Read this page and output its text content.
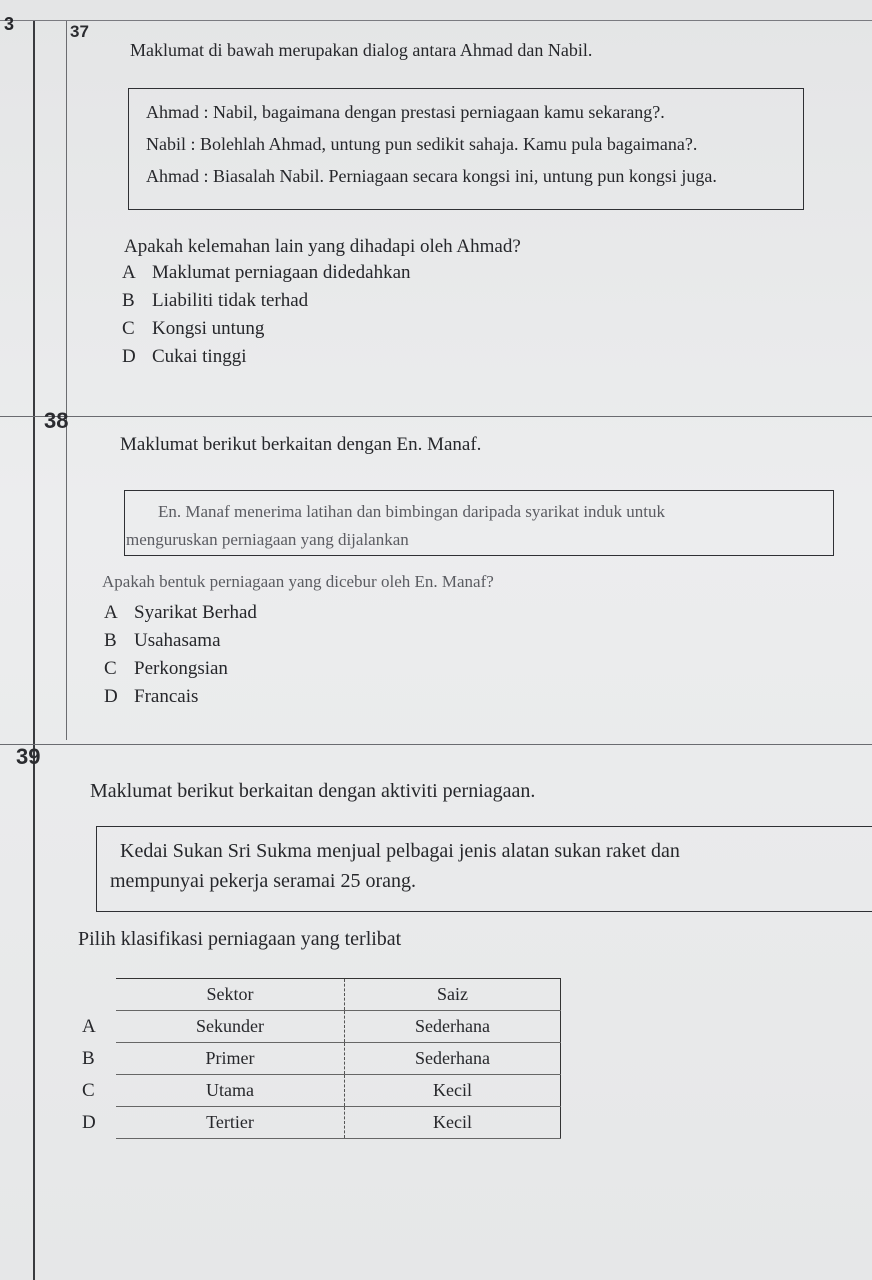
3	37
Maklumat di bawah merupakan dialog antara Ahmad dan Nabil.
Ahmad : Nabil, bagaimana dengan prestasi perniagaan kamu sekarang?.
Nabil : Bolehlah Ahmad, untung pun sedikit sahaja. Kamu pula bagaimana?.
Ahmad : Biasalah Nabil. Perniagaan secara kongsi ini, untung pun kongsi juga.
Apakah kelemahan lain yang dihadapi oleh Ahmad?
A Maklumat perniagaan didedahkan
B Liabiliti tidak terhad
C Kongsi untung
D Cukai tinggi
38
Maklumat berikut berkaitan dengan En. Manaf.
En. Manaf menerima latihan dan bimbingan daripada syarikat induk untuk
menguruskan perniagaan yang dijalankan
Apakah bentuk perniagaan yang dicebur oleh En. Manaf?
A Syarikat Berhad
B Usahasama
C Perkongsian
D Francais
39
Maklumat berikut berkaitan dengan aktiviti perniagaan.
Kedai Sukan Sri Sukma menjual pelbagai jenis alatan sukan raket dan
mempunyai pekerja seramai 25 orang.
Pilih klasifikasi perniagaan yang terlibat
	Sektor	Saiz
A	Sekunder	Sederhana
B	Primer	Sederhana
C	Utama	Kecil
D	Tertier	Kecil
